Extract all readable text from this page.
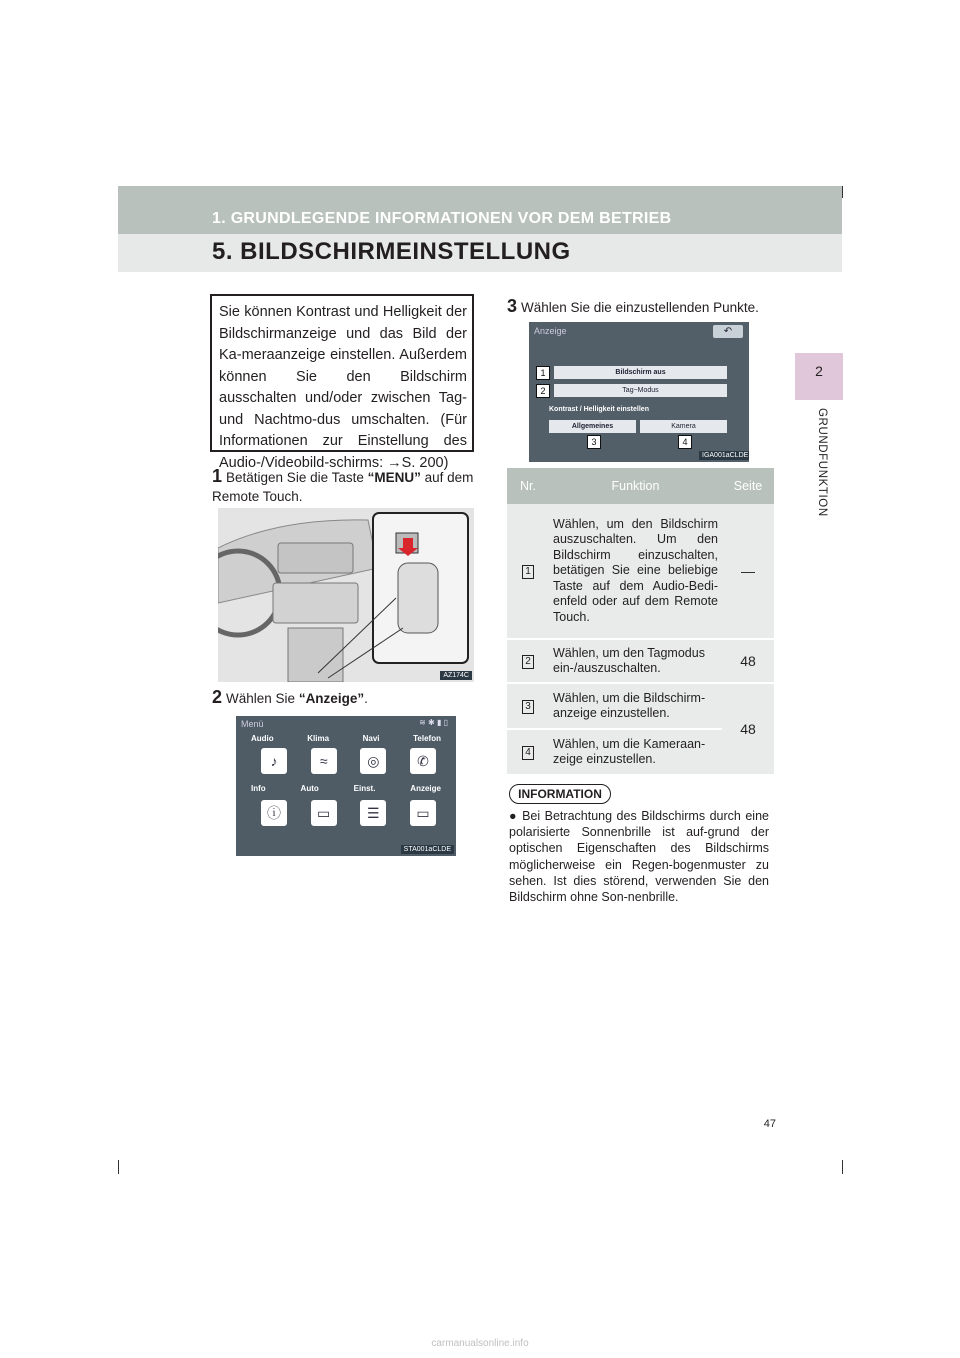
1. GRUNDLEGENDE INFORMATIONEN VOR DEM BETRIEB
5. BILDSCHIRMEINSTELLUNG
2
GRUNDFUNKTION
Sie können Kontrast und Helligkeit der Bildschirmanzeige und das Bild der Ka-meraanzeige einstellen. Außerdem können Sie den Bildschirm ausschalten und/oder zwischen Tag- und Nachtmo-dus umschalten. (Für Informationen zur Einstellung des Audio-/Videobild-schirms: →S. 200)
1 Betätigen Sie die Taste “MENU” auf dem Remote Touch.
AZ174C
2 Wählen Sie “Anzeige”.
Menü	≋ ✱ ▮ ▯
Audio	Klima	Navi	Telefon
♪	≈	◎	✆
Info	Auto	Einst.	Anzeige
ⓘ	▭	☰	▭
STA001aCLDE
3 Wählen Sie die einzustellenden Punkte.
Anzeige	↶
Bildschirm aus
Tag−Modus
Kontrast / Helligkeit einstellen
Allgemeines	Kamera
1
2
3	4
IGA001aCLDE
Nr.	Funktion	Seite
1	Wählen, um den Bildschirm auszuschalten. Um den Bildschirm einzuschalten, betätigen Sie eine beliebige Taste auf dem Audio-Bedi-enfeld oder auf dem Remote Touch.	—
2	Wählen, um den Tagmodus ein-/auszuschalten.	48
3	Wählen, um die Bildschirm-anzeige einzustellen.	48
4	Wählen, um die Kameraan-zeige einzustellen.	
INFORMATION
● Bei Betrachtung des Bildschirms durch eine polarisierte Sonnenbrille ist auf-grund der optischen Eigenschaften des Bildschirms möglicherweise ein Regen-bogenmuster zu sehen. Ist dies störend, verwenden Sie den Bildschirm ohne Son-nenbrille.
47
carmanualsonline.info
